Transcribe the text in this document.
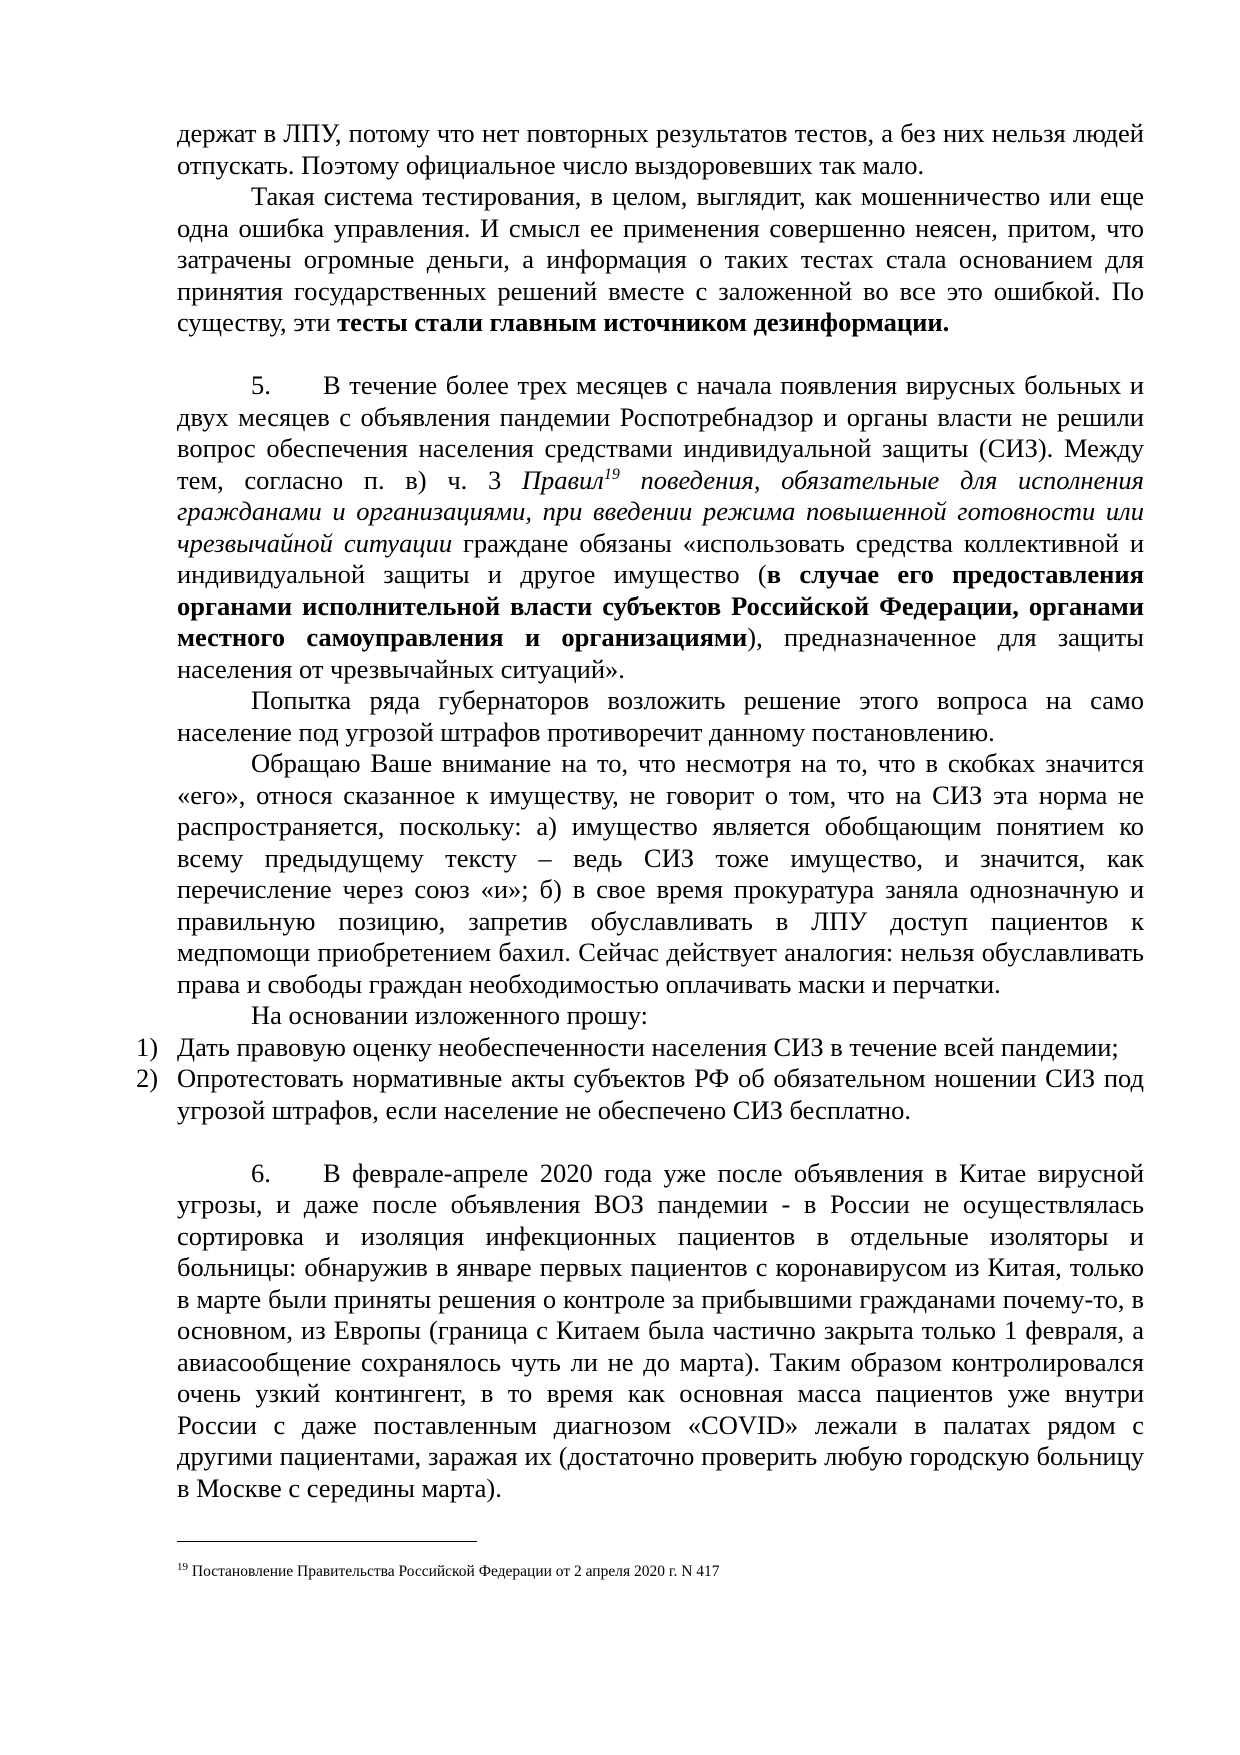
держат в ЛПУ, потому что нет повторных результатов тестов, а без них нельзя людей отпускать. Поэтому официальное число выздоровевших так мало.

Такая система тестирования, в целом, выглядит, как мошенничество или еще одна ошибка управления. И смысл ее применения совершенно неясен, притом, что затрачены огромные деньги, а информация о таких тестах стала основанием для принятия государственных решений вместе с заложенной во все это ошибкой. По существу, эти тесты стали главным источником дезинформации.

5. В течение более трех месяцев с начала появления вирусных больных и двух месяцев с объявления пандемии Роспотребнадзор и органы власти не решили вопрос обеспечения населения средствами индивидуальной защиты (СИЗ). Между тем, согласно п. в) ч. 3 Правил$^{19}$ поведения, обязательные для исполнения гражданами и организациями, при введении режима повышенной готовности или чрезвычайной ситуации граждане обязаны «использовать средства коллективной и индивидуальной защиты и другое имущество (в случае его предоставления органами исполнительной власти субъектов Российской Федерации, органами местного самоуправления и организациями), предназначенное для защиты населения от чрезвычайных ситуаций».

Попытка ряда губернаторов возложить решение этого вопроса на само население под угрозой штрафов противоречит данному постановлению.

Обращаю Ваше внимание на то, что несмотря на то, что в скобках значится «его», относя сказанное к имуществу, не говорит о том, что на СИЗ эта норма не распространяется, поскольку: а) имущество является обобщающим понятием ко всему предыдущему тексту – ведь СИЗ тоже имущество, и значится, как перечисление через союз «и»; б) в свое время прокуратура заняла однозначную и правильную позицию, запретив обуславливать в ЛПУ доступ пациентов к медпомощи приобретением бахил. Сейчас действует аналогия: нельзя обуславливать права и свободы граждан необходимостью оплачивать маски и перчатки.

На основании изложенного прошу:

1) Дать правовую оценку необеспеченности населения СИЗ в течение всей пандемии;
2) Опротестовать нормативные акты субъектов РФ об обязательном ношении СИЗ под угрозой штрафов, если население не обеспечено СИЗ бесплатно.

6. В феврале-апреле 2020 года уже после объявления в Китае вирусной угрозы, и даже после объявления ВОЗ пандемии - в России не осуществлялась сортировка и изоляция инфекционных пациентов в отдельные изоляторы и больницы: обнаружив в январе первых пациентов с коронавирусом из Китая, только в марте были приняты решения о контроле за прибывшими гражданами почему-то, в основном, из Европы (граница с Китаем была частично закрыта только 1 февраля, а авиасообщение сохранялось чуть ли не до марта). Таким образом контролировался очень узкий контингент, в то время как основная масса пациентов уже внутри России с даже поставленным диагнозом «COVID» лежали в палатах рядом с другими пациентами, заражая их (достаточно проверить любую городскую больницу в Москве с середины марта).

$^{19}$ Постановление Правительства Российской Федерации от 2 апреля 2020 г. N 417
